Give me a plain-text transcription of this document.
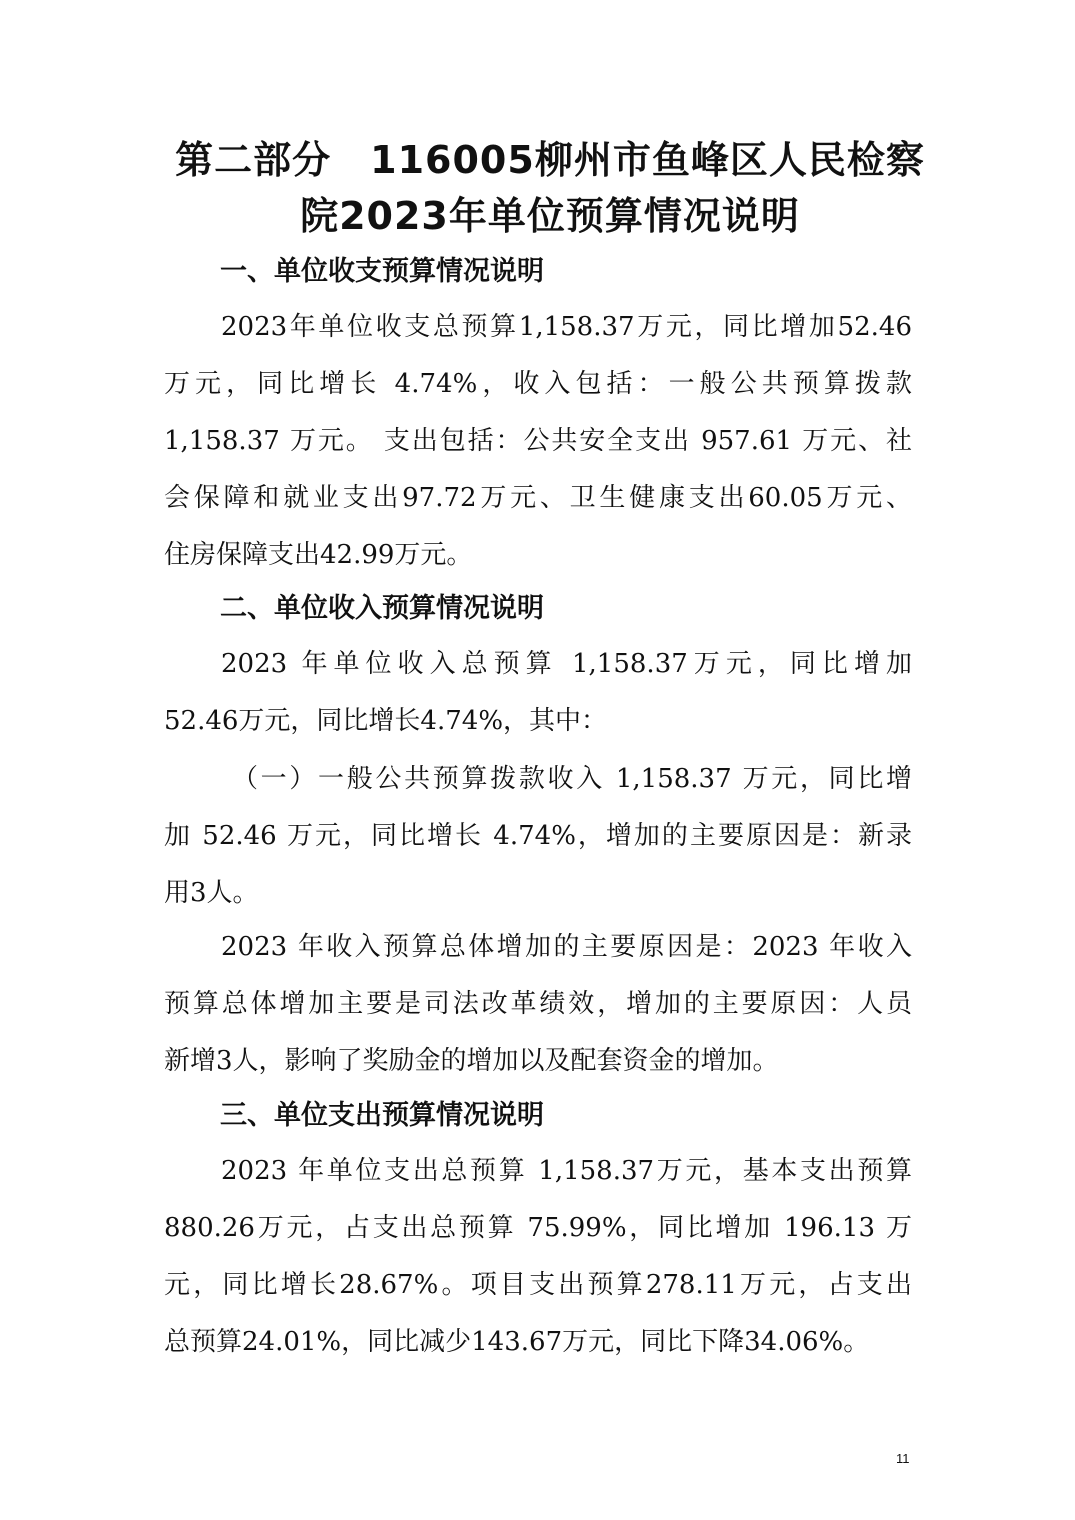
第二部分　116005柳州市鱼峰区人民检察
院2023年单位预算情况说明
一、单位收支预算情况说明
2023年单位收支总预算1,158.37万元，同比增加52.46
万元，同比增长 4.74%，收入包括：一般公共预算拨款
1,158.37 万元。 支出包括：公共安全支出 957.61 万元、社
会保障和就业支出97.72万元、卫生健康支出60.05万元、
住房保障支出42.99万元。
二、单位收入预算情况说明
2023 年单位收入总预算 1,158.37万元，同比增加
52.46万元，同比增长4.74%，其中：
（一）一般公共预算拨款收入 1,158.37 万元，同比增
加 52.46 万元，同比增长 4.74%，增加的主要原因是：新录
用3人。
2023 年收入预算总体增加的主要原因是：2023 年收入
预算总体增加主要是司法改革绩效，增加的主要原因：人员
新增3人，影响了奖励金的增加以及配套资金的增加。
三、单位支出预算情况说明
2023 年单位支出总预算 1,158.37万元，基本支出预算
880.26万元，占支出总预算 75.99%，同比增加 196.13 万
元，同比增长28.67%。项目支出预算278.11万元，占支出
总预算24.01%，同比减少143.67万元，同比下降34.06%。
11
